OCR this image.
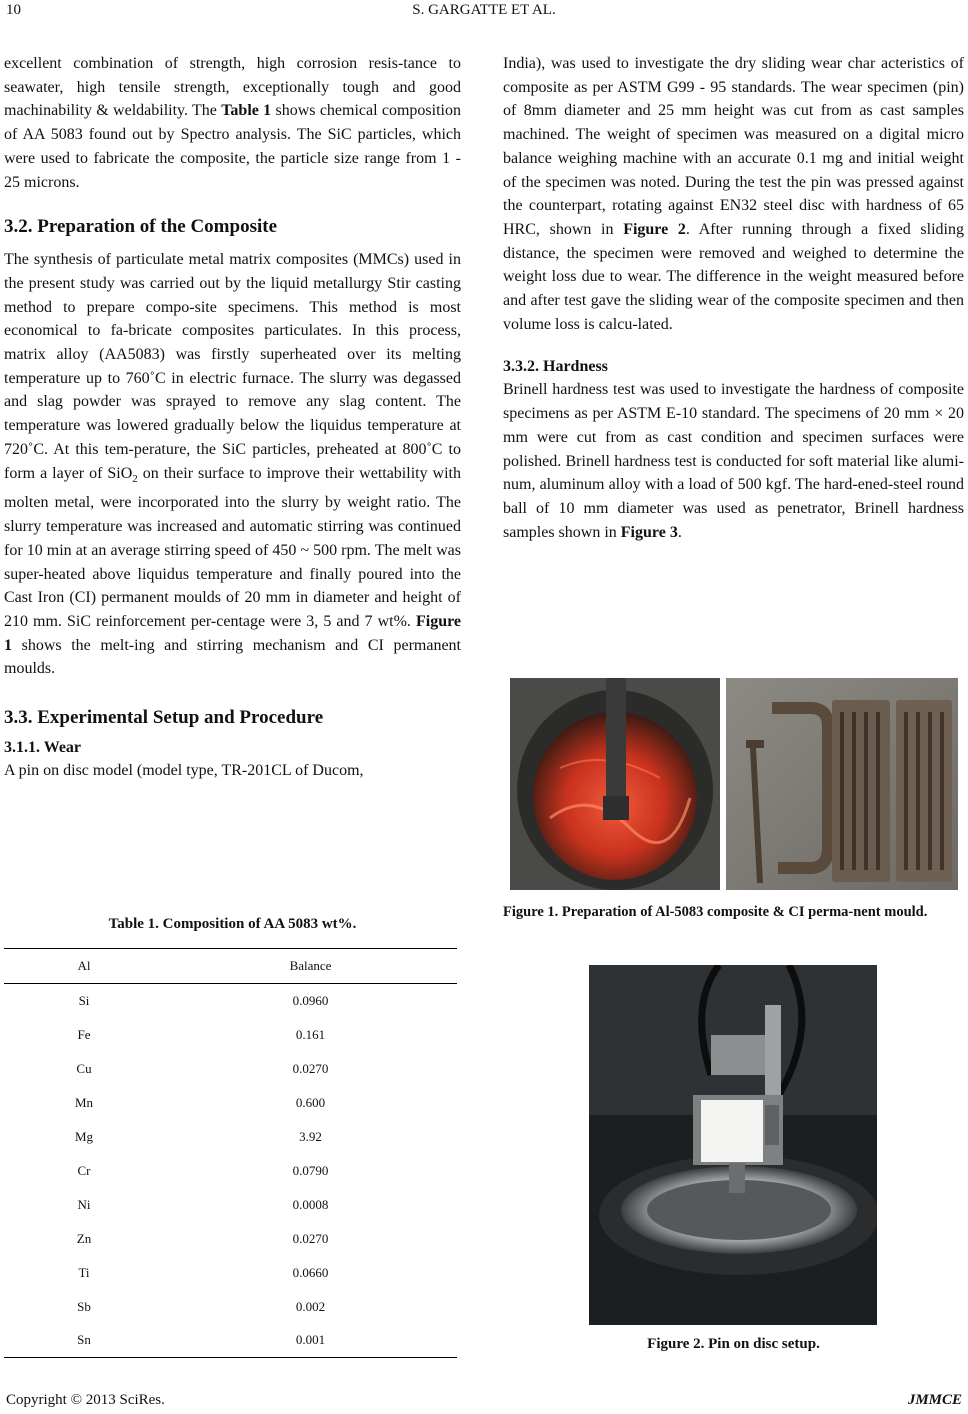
10	S. GARGATTE ET AL.

excellent combination of strength, high corrosion resis-tance to seawater, high tensile strength, exceptionally tough and good machinability & weldability. The Table 1 shows chemical composition of AA 5083 found out by Spectro analysis. The SiC particles, which were used to fabricate the composite, the particle size range from 1 - 25 microns.

3.2. Preparation of the Composite

The synthesis of particulate metal matrix composites (MMCs) used in the present study was carried out by the liquid metallurgy Stir casting method to prepare compo-site specimens. This method is most economical to fa-bricate composites particulates. In this process, matrix alloy (AA5083) was firstly superheated over its melting temperature up to 760˚C in electric furnace. The slurry was degassed and slag powder was sprayed to remove any slag content. The temperature was lowered gradually below the liquidus temperature at 720˚C. At this tem-perature, the SiC particles, preheated at 800˚C to form a layer of SiO$_2$ on their surface to improve their wettability with molten metal, were incorporated into the slurry by weight ratio. The slurry temperature was increased and automatic stirring was continued for 10 min at an average stirring speed of 450 ~ 500 rpm. The melt was super-heated above liquidus temperature and finally poured into the Cast Iron (CI) permanent moulds of 20 mm in diameter and height of 210 mm. SiC reinforcement per-centage were 3, 5 and 7 wt%. Figure 1 shows the melt-ing and stirring mechanism and CI permanent moulds.

3.3. Experimental Setup and Procedure
3.1.1. Wear

A pin on disc model (model type, TR-201CL of Ducom,

Table 1. Composition of AA 5083 wt%.
Al	Balance
Si	0.0960
Fe	0.161
Cu	0.0270
Mn	0.600
Mg	3.92
Cr	0.0790
Ni	0.0008
Zn	0.0270
Ti	0.0660
Sb	0.002
Sn	0.001

India), was used to investigate the dry sliding wear char acteristics of composite as per ASTM G99 - 95 standards. The wear specimen (pin) of 8mm diameter and 25 mm height was cut from as cast samples machined. The weight of specimen was measured on a digital micro balance weighing machine with an accurate 0.1 mg and initial weight of the specimen was noted. During the test the pin was pressed against the counterpart, rotating against EN32 steel disc with hardness of 65 HRC, shown in Figure 2. After running through a fixed sliding distance, the specimen were removed and weighed to determine the weight loss due to wear. The difference in the weight measured before and after test gave the sliding wear of the composite specimen and then volume loss is calcu-lated.

3.3.2. Hardness

Brinell hardness test was used to investigate the hardness of composite specimens as per ASTM E-10 standard. The specimens of 20 mm × 20 mm were cut from as cast condition and specimen surfaces were polished. Brinell hardness test is conducted for soft material like alumi-num, aluminum alloy with a load of 500 kgf. The hard-ened-steel round ball of 10 mm diameter was used as penetrator, Brinell hardness samples shown in Figure 3.

Figure 1. Preparation of Al-5083 composite & CI perma-nent mould.
Figure 2. Pin on disc setup.
Copyright © 2013 SciRes.	JMMCE
